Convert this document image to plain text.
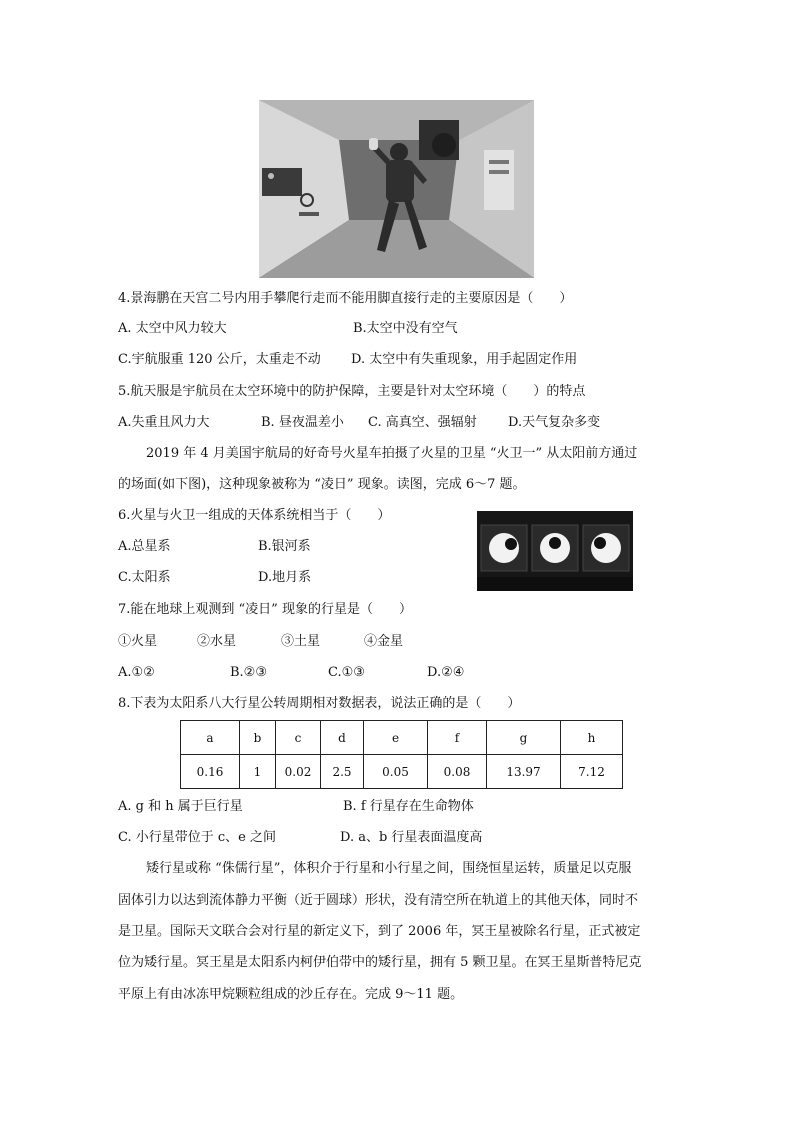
4.景海鹏在天宫二号内用手攀爬行走而不能用脚直接行走的主要原因是（　　）
A. 太空中风力较大	B.太空中没有空气
C.宇航服重 120 公斤，太重走不动 D. 太空中有失重现象，用手起固定作用
5.航天服是宇航员在太空环境中的防护保障，主要是针对太空环境（　　）的特点
A.失重且风力大	B. 昼夜温差小 C. 高真空、强辐射 D.天气复杂多变
2019 年 4 月美国宇航局的好奇号火星车拍摄了火星的卫星 “火卫一” 从太阳前方通过
的场面(如下图)，这种现象被称为 “凌日” 现象。读图，完成 6～7 题。
6.火星与火卫一组成的天体系统相当于（　　）
A.总星系	B.银河系
C.太阳系	D.地月系
7.能在地球上观测到 “凌日” 现象的行星是（　　）
①火星	②水星	③土星	④金星
A.①②	B.②③	C.①③	D.②④
8.下表为太阳系八大行星公转周期相对数据表，说法正确的是（　　）
a	b	c	d	e	f	g	h
0.16	1	0.02	2.5	0.05	0.08	13.97	7.12
A. g 和 h 属于巨行星	B. f 行星存在生命物体
C. 小行星带位于 c、e 之间	D. a、b 行星表面温度高
矮行星或称 “侏儒行星”，体积介于行星和小行星之间，围绕恒星运转，质量足以克服
固体引力以达到流体静力平衡（近于圆球）形状，没有清空所在轨道上的其他天体，同时不
是卫星。国际天文联合会对行星的新定义下，到了 2006 年，冥王星被除名行星，正式被定
位为矮行星。冥王星是太阳系内柯伊伯带中的矮行星，拥有 5 颗卫星。在冥王星斯普特尼克
平原上有由冰冻甲烷颗粒组成的沙丘存在。完成 9～11 题。
